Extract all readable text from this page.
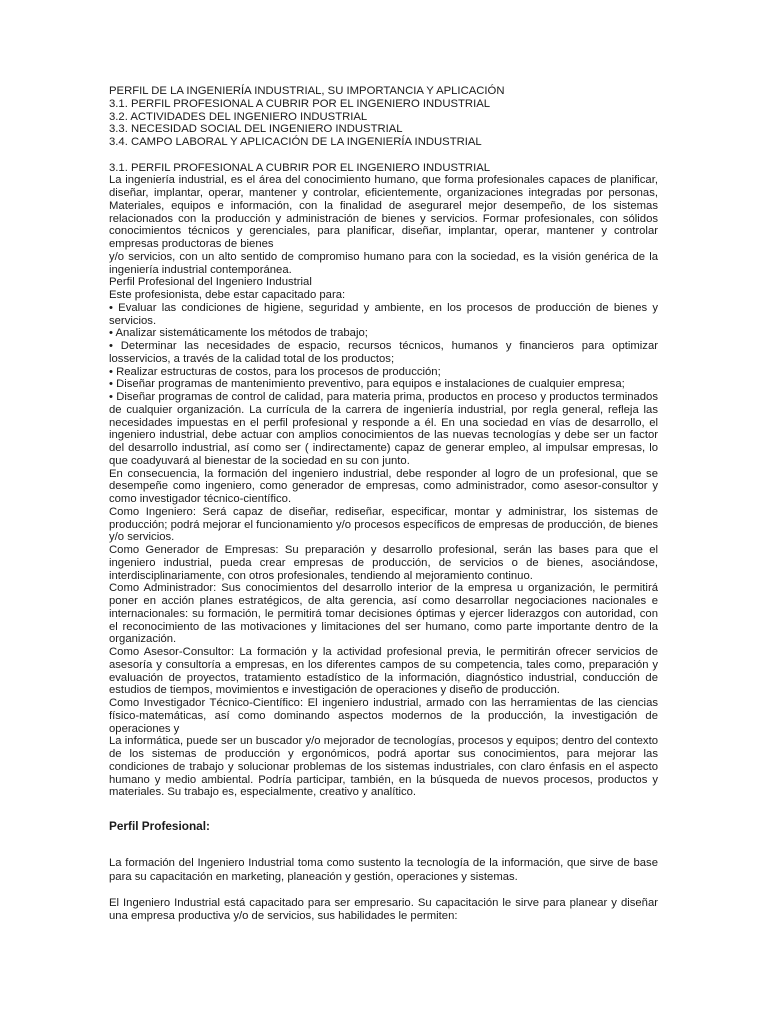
PERFIL DE LA INGENIERÍA INDUSTRIAL, SU IMPORTANCIA Y APLICACIÓN
3.1. PERFIL PROFESIONAL A CUBRIR POR EL INGENIERO INDUSTRIAL
3.2. ACTIVIDADES DEL INGENIERO INDUSTRIAL
3.3. NECESIDAD SOCIAL DEL INGENIERO INDUSTRIAL
3.4. CAMPO LABORAL Y APLICACIÓN DE LA INGENIERÍA INDUSTRIAL
3.1. PERFIL PROFESIONAL A CUBRIR POR EL INGENIERO INDUSTRIAL
La ingeniería industrial, es el área del conocimiento humano, que forma profesionales capaces de planificar, diseñar, implantar, operar, mantener y controlar, eficientemente, organizaciones integradas por personas, Materiales, equipos e información, con la finalidad de asegurarel mejor desempeño, de los sistemas relacionados con la producción y administración de bienes y servicios. Formar profesionales, con sólidos conocimientos técnicos y gerenciales, para planificar, diseñar, implantar, operar, mantener y controlar empresas productoras de bienes
y/o servicios, con un alto sentido de compromiso humano para con la sociedad, es la visión genérica de la ingeniería industrial contemporánea.
Perfil Profesional del Ingeniero Industrial
Este profesionista, debe estar capacitado para:
• Evaluar las condiciones de higiene, seguridad y ambiente, en los procesos de producción de bienes y servicios.
• Analizar sistemáticamente los métodos de trabajo;
• Determinar las necesidades de espacio, recursos técnicos, humanos y financieros para optimizar losservicios, a través de la calidad total de los productos;
• Realizar estructuras de costos, para los procesos de producción;
• Diseñar programas de mantenimiento preventivo, para equipos e instalaciones de cualquier empresa;
• Diseñar programas de control de calidad, para materia prima, productos en proceso y productos terminados de cualquier organización. La currícula de la carrera de ingeniería industrial, por regla general, refleja las necesidades impuestas en el perfil profesional y responde a él. En una sociedad en vías de desarrollo, el ingeniero industrial, debe actuar con amplios conocimientos de las nuevas tecnologías y debe ser un factor del desarrollo industrial, así como ser ( indirectamente) capaz de generar empleo, al impulsar empresas, lo que coadyuvará al bienestar de la sociedad en su con junto.
En consecuencia, la formación del ingeniero industrial, debe responder al logro de un profesional, que se desempeñe como ingeniero, como generador de empresas, como administrador, como asesor-consultor y como investigador técnico-científico.
Como Ingeniero: Será capaz de diseñar, rediseñar, especificar, montar y administrar, los sistemas de producción; podrá mejorar el funcionamiento y/o procesos específicos de empresas de producción, de bienes y/o servicios.
Como Generador de Empresas: Su preparación y desarrollo profesional, serán las bases para que el ingeniero industrial, pueda crear empresas de producción, de servicios o de bienes, asociándose, interdisciplinariamente, con otros profesionales, tendiendo al mejoramiento continuo.
Como Administrador: Sus conocimientos del desarrollo interior de la empresa u organización, le permitirá poner en acción planes estratégicos, de alta gerencia, así como desarrollar negociaciones nacionales e internacionales: su formación, le permitirá tomar decisiones óptimas y ejercer liderazgos con autoridad, con el reconocimiento de las motivaciones y limitaciones del ser humano, como parte importante dentro de la organización.
Como Asesor-Consultor: La formación y la actividad profesional previa, le permitirán ofrecer servicios de asesoría y consultoría a empresas, en los diferentes campos de su competencia, tales como, preparación y evaluación de proyectos, tratamiento estadístico de la información, diagnóstico industrial, conducción de estudios de tiempos, movimientos e investigación de operaciones y diseño de producción.
Como Investigador Técnico-Científico: El ingeniero industrial, armado con las herramientas de las ciencias físico-matemáticas, así como dominando aspectos modernos de la producción, la investigación de operaciones y
La informática, puede ser un buscador y/o mejorador de tecnologías, procesos y equipos; dentro del contexto de los sistemas de producción y ergonómicos, podrá aportar sus conocimientos, para mejorar las condiciones de trabajo y solucionar problemas de los sistemas industriales, con claro énfasis en el aspecto humano y medio ambiental. Podría participar, también, en la búsqueda de nuevos procesos, productos y materiales. Su trabajo es, especialmente, creativo y analítico.
Perfil Profesional:
La formación del Ingeniero Industrial toma como sustento la tecnología de la información, que sirve de base para su capacitación en marketing, planeación y gestión, operaciones y sistemas.
El Ingeniero Industrial está capacitado para ser empresario. Su capacitación le sirve para planear y diseñar una empresa productiva y/o de servicios, sus habilidades le permiten:
